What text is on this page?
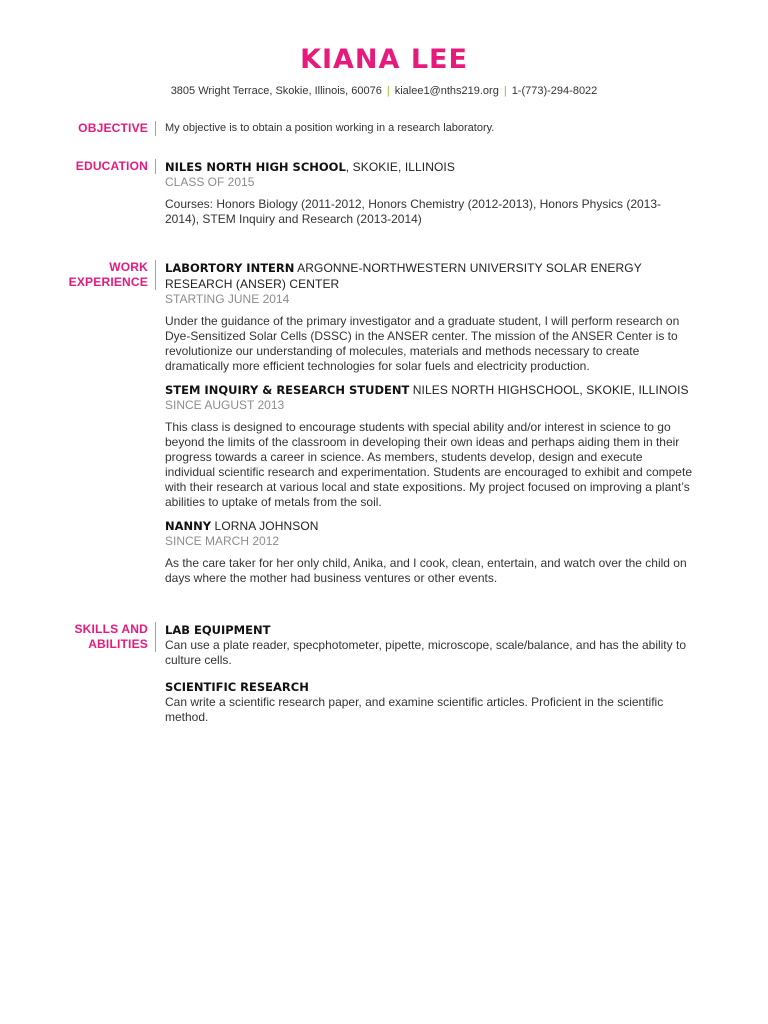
KIANA LEE
3805 Wright Terrace, Skokie, Illinois, 60076 | kialee1@nths219.org | 1-(773)-294-8022
OBJECTIVE My objective is to obtain a position working in a research laboratory.
EDUCATION NILES NORTH HIGH SCHOOL, SKOKIE, ILLINOIS
CLASS OF 2015
Courses: Honors Biology (2011-2012, Honors Chemistry (2012-2013), Honors Physics (2013-2014), STEM Inquiry and Research (2013-2014)
WORK
EXPERIENCE
LABORTORY INTERN ARGONNE-NORTHWESTERN UNIVERSITY SOLAR ENERGY RESEARCH (ANSER) CENTER
STARTING JUNE 2014
Under the guidance of the primary investigator and a graduate student, I will perform research on Dye-Sensitized Solar Cells (DSSC) in the ANSER center. The mission of the ANSER Center is to revolutionize our understanding of molecules, materials and methods necessary to create dramatically more efficient technologies for solar fuels and electricity production.
STEM INQUIRY & RESEARCH STUDENT NILES NORTH HIGHSCHOOL, SKOKIE, ILLINOIS
SINCE AUGUST 2013
This class is designed to encourage students with special ability and/or interest in science to go beyond the limits of the classroom in developing their own ideas and perhaps aiding them in their progress towards a career in science. As members, students develop, design and execute individual scientific research and experimentation. Students are encouraged to exhibit and compete with their research at various local and state expositions. My project focused on improving a plant’s abilities to uptake of metals from the soil.
NANNY LORNA JOHNSON
SINCE MARCH 2012
As the care taker for her only child, Anika, and I cook, clean, entertain, and watch over the child on days where the mother had business ventures or other events.
SKILLS AND
ABILITIES
LAB EQUIPMENT
Can use a plate reader, specphotometer, pipette, microscope, scale/balance, and has the ability to culture cells.
SCIENTIFIC RESEARCH
Can write a scientific research paper, and examine scientific articles. Proficient in the scientific method.
